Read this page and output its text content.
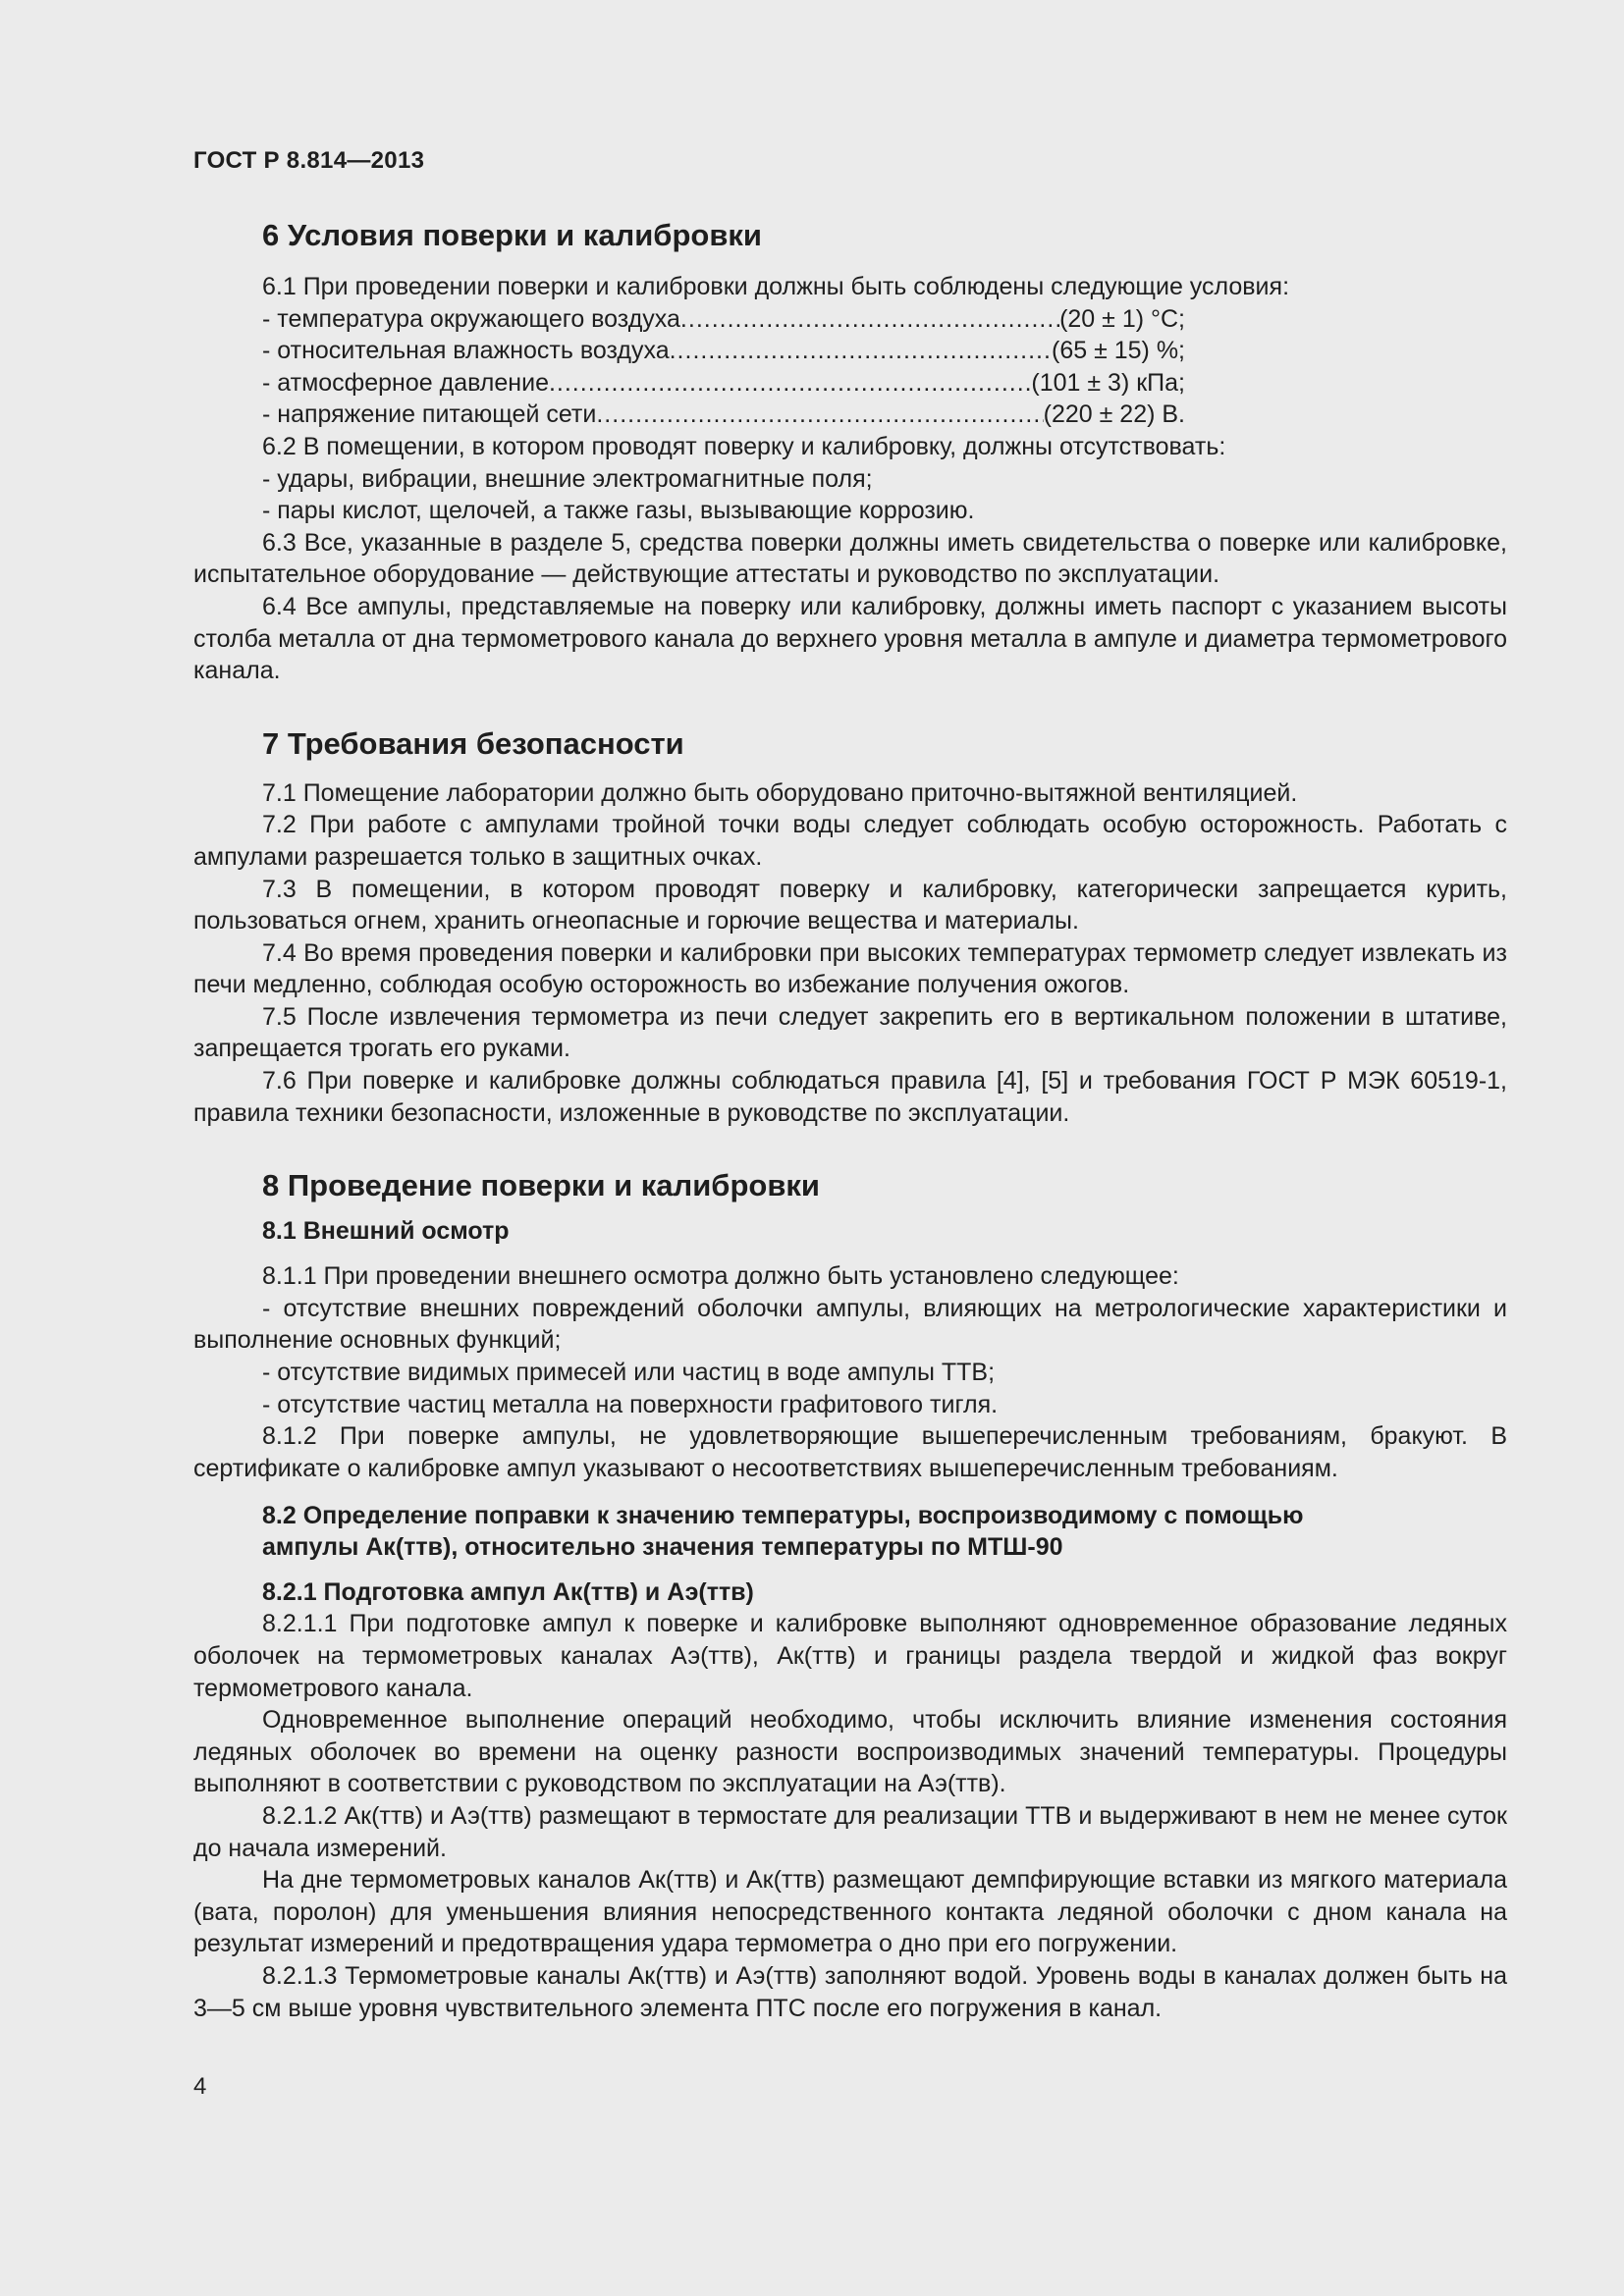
ГОСТ Р 8.814—2013
6 Условия поверки и калибровки

6.1 При проведении поверки и калибровки должны быть соблюдены следующие условия:

- температура окружающего воздуха .....	(20 ± 1) °C;
- относительная влажность воздуха .....	(65 ± 15) %;
- атмосферное давление .....	(101 ± 3) кПа;
- напряжение питающей сети .....	(220 ± 22) В.

6.2 В помещении, в котором проводят поверку и калибровку, должны отсутствовать:

- удары, вибрации, внешние электромагнитные поля;

- пары кислот, щелочей, а также газы, вызывающие коррозию.

6.3 Все, указанные в разделе 5, средства поверки должны иметь свидетельства о поверке или калибровке, испытательное оборудование — действующие аттестаты и руководство по эксплуатации.

6.4 Все ампулы, представляемые на поверку или калибровку, должны иметь паспорт с указанием высоты столба металла от дна термометрового канала до верхнего уровня металла в ампуле и диаметра термометрового канала.

7 Требования безопасности

7.1 Помещение лаборатории должно быть оборудовано приточно-вытяжной вентиляцией.

7.2 При работе с ампулами тройной точки воды следует соблюдать особую осторожность. Работать с ампулами разрешается только в защитных очках.

7.3 В помещении, в котором проводят поверку и калибровку, категорически запрещается курить, пользоваться огнем, хранить огнеопасные и горючие вещества и материалы.

7.4 Во время проведения поверки и калибровки при высоких температурах термометр следует извлекать из печи медленно, соблюдая особую осторожность во избежание получения ожогов.

7.5 После извлечения термометра из печи следует закрепить его в вертикальном положении в штативе, запрещается трогать его руками.

7.6 При поверке и калибровке должны соблюдаться правила [4], [5] и требования ГОСТ Р МЭК 60519-1, правила техники безопасности, изложенные в руководстве по эксплуатации.

8 Проведение поверки и калибровки
8.1 Внешний осмотр

8.1.1 При проведении внешнего осмотра должно быть установлено следующее:

- отсутствие внешних повреждений оболочки ампулы, влияющих на метрологические характеристики и выполнение основных функций;

- отсутствие видимых примесей или частиц в воде ампулы ТТВ;

- отсутствие частиц металла на поверхности графитового тигля.

8.1.2 При поверке ампулы, не удовлетворяющие вышеперечисленным требованиям, бракуют. В сертификате о калибровке ампул указывают о несоответствиях вышеперечисленным требованиям.

8.2 Определение поправки к значению температуры, воспроизводимому с помощью
ампулы Ак(ттв), относительно значения температуры по МТШ-90
8.2.1 Подготовка ампул Ак(ттв) и Аэ(ттв)

8.2.1.1 При подготовке ампул к поверке и калибровке выполняют одновременное образование ледяных оболочек на термометровых каналах Аэ(ттв), Ак(ттв) и границы раздела твердой и жидкой фаз вокруг термометрового канала.

Одновременное выполнение операций необходимо, чтобы исключить влияние изменения состояния ледяных оболочек во времени на оценку разности воспроизводимых значений температуры. Процедуры выполняют в соответствии с руководством по эксплуатации на Аэ(ттв).

8.2.1.2 Ак(ттв) и Аэ(ттв) размещают в термостате для реализации ТТВ и выдерживают в нем не менее суток до начала измерений.

На дне термометровых каналов Ак(ттв) и Ак(ттв) размещают демпфирующие вставки из мягкого материала (вата, поролон) для уменьшения влияния непосредственного контакта ледяной оболочки с дном канала на результат измерений и предотвращения удара термометра о дно при его погружении.

8.2.1.3 Термометровые каналы Ак(ттв) и Аэ(ттв) заполняют водой. Уровень воды в каналах должен быть на 3—5 см выше уровня чувствительного элемента ПТС после его погружения в канал.

4
